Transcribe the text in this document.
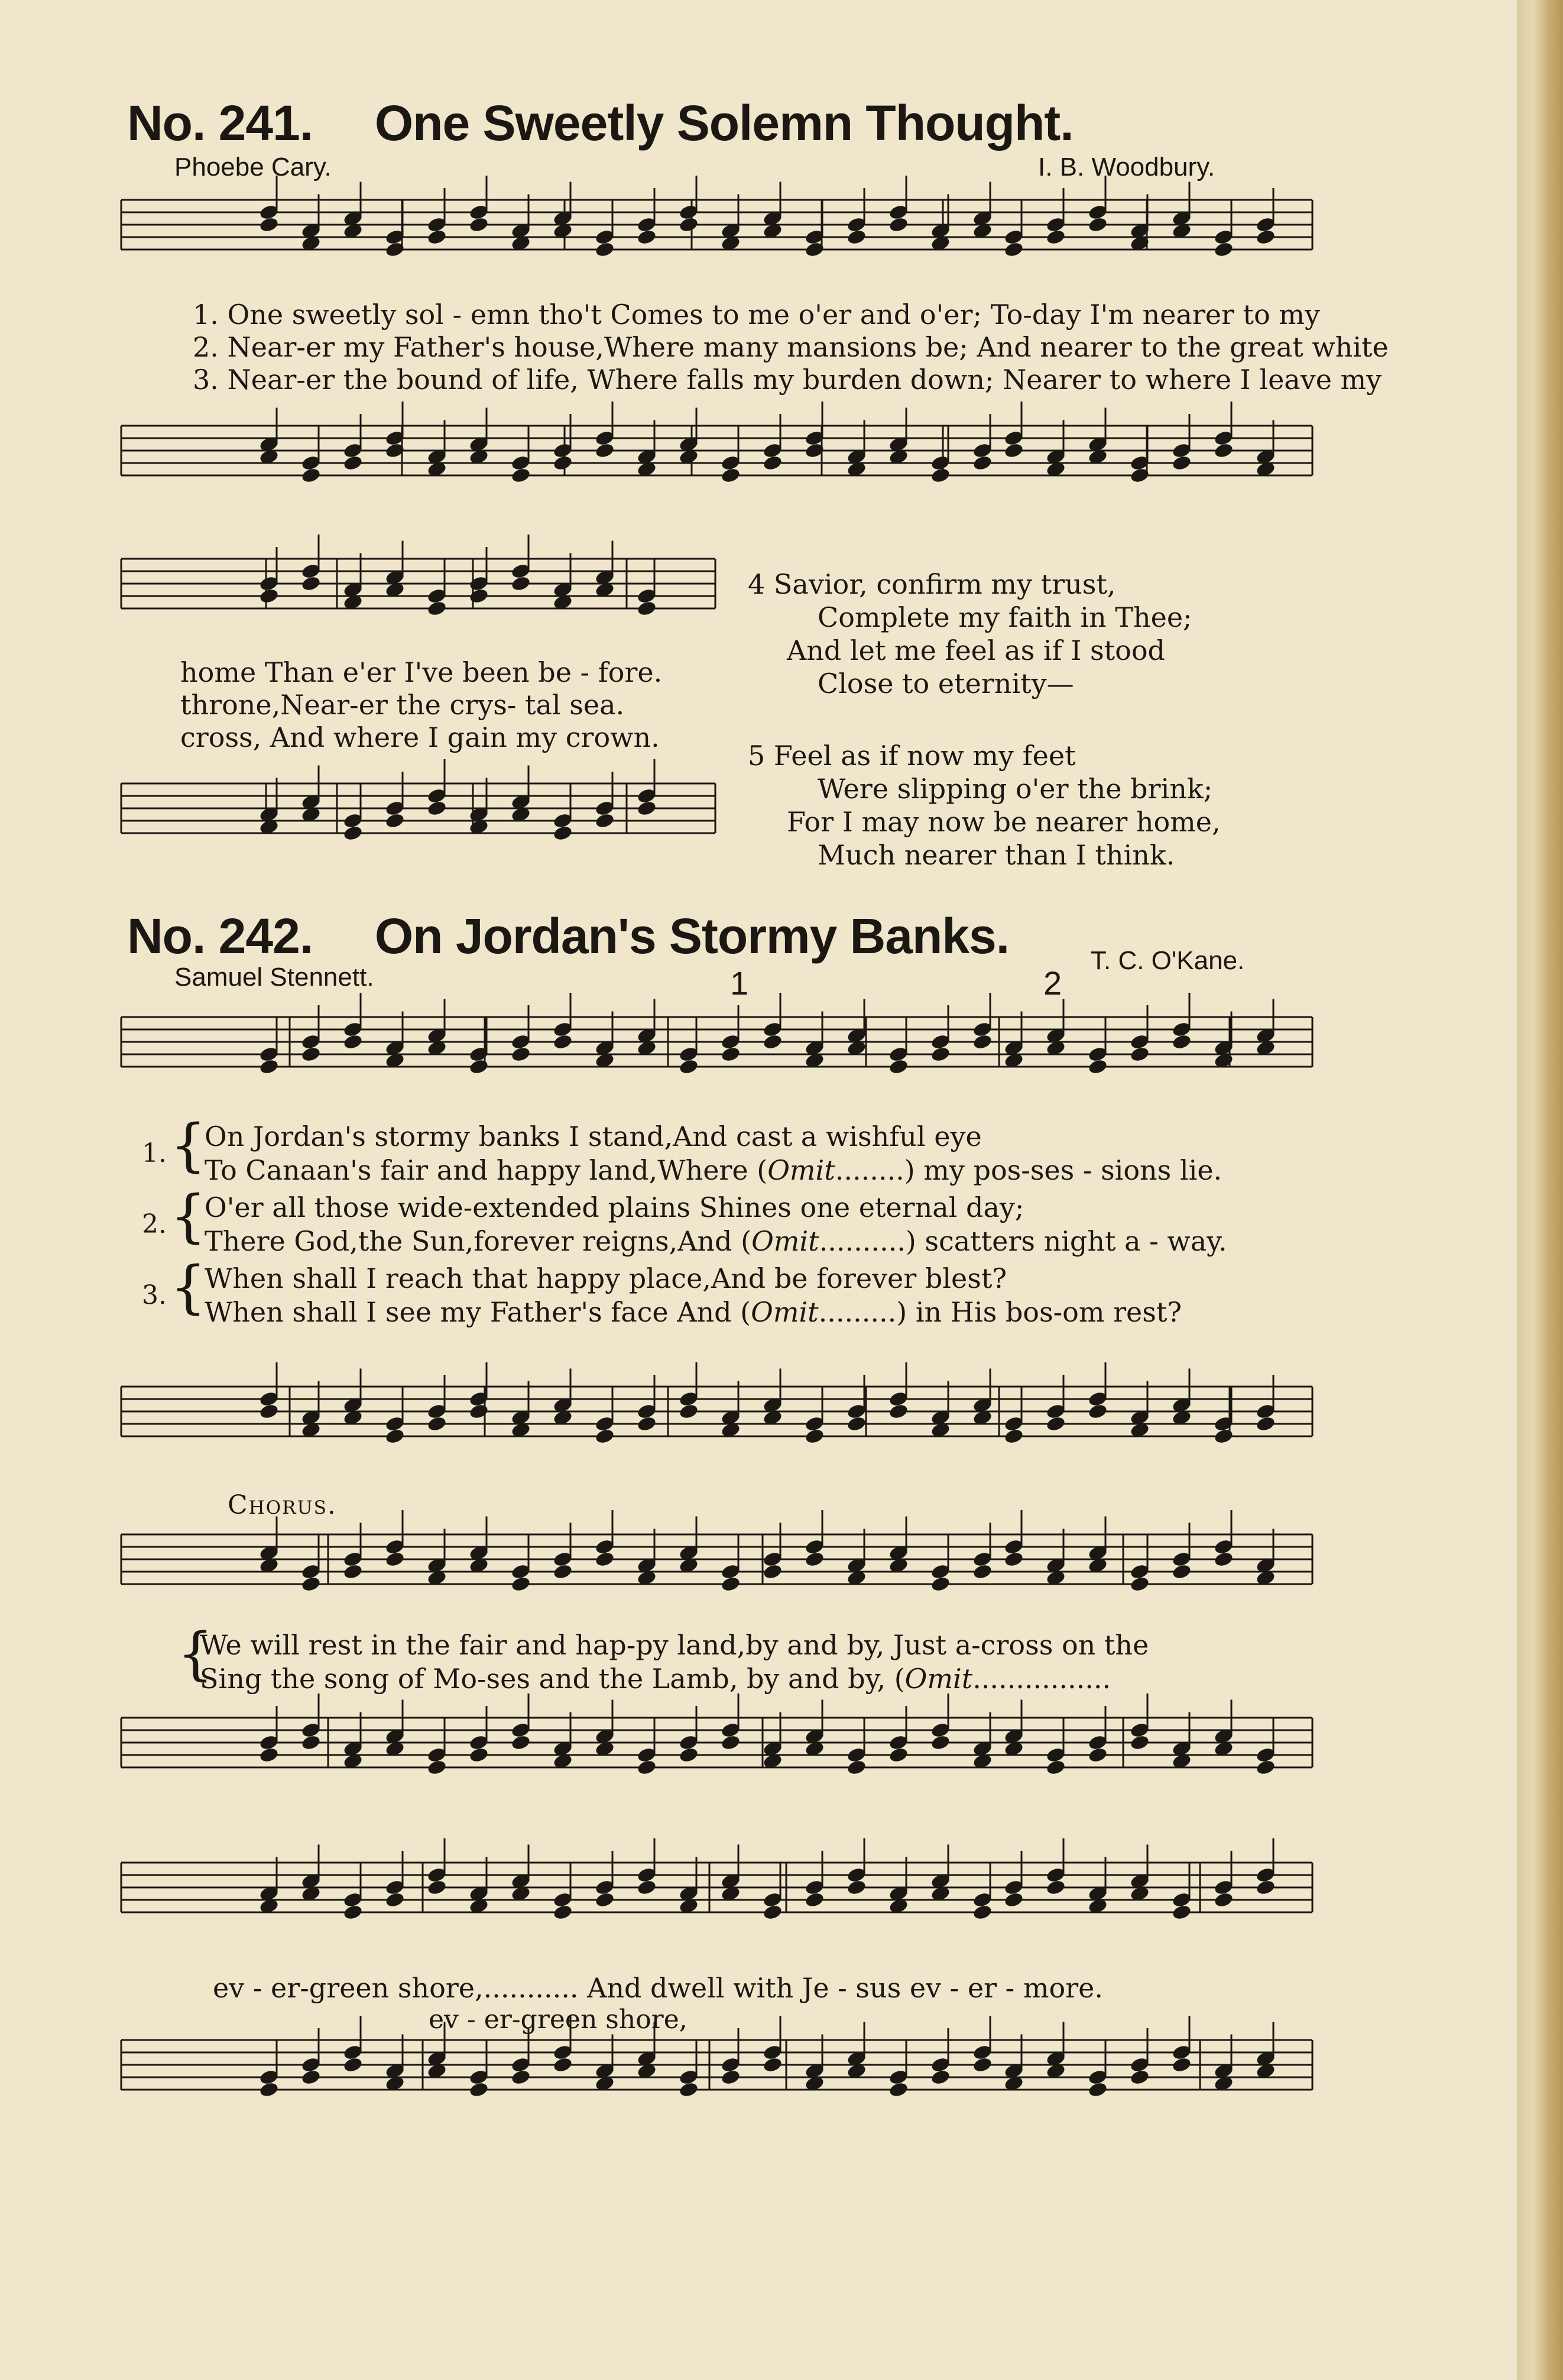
No. 241. One Sweetly Solemn Thought.
Phoebe Cary.	I. B. Woodbury.
1. One sweetly sol - emn tho't Comes to me o'er and o'er; To-day I'm nearer to my
2. Near-er my Father's house,Where many mansions be; And nearer to the great white
3. Near-er the bound of life, Where falls my burden down; Nearer to where I leave my
home Than e'er I've been be - fore.
throne,Near-er the crys- tal sea.
cross, And where I gain my crown.
4 Savior, confirm my trust,
Complete my faith in Thee;
And let me feel as if I stood
Close to eternity—
5 Feel as if now my feet
Were slipping o'er the brink;
For I may now be nearer home,
Much nearer than I think.
No. 242. On Jordan's Stormy Banks.
Samuel Stennett.
T. C. O'Kane.
1	2
1. {
On Jordan's stormy banks I stand,And cast a wishful eye
To Canaan's fair and happy land,Where (Omit........) my pos-ses - sions lie.
2. {
O'er all those wide-extended plains Shines one eternal day;
There God,the Sun,forever reigns,And (Omit..........) scatters night a - way.
3. {
When shall I reach that happy place,And be forever blest?
When shall I see my Father's face And (Omit.........) in His bos-om rest?
Chorus.
{
We will rest in the fair and hap-py land,by and by, Just a-cross on the
Sing the song of Mo-ses and the Lamb, by and by, (Omit................
ev - er-green shore,........... And dwell with Je - sus ev - er - more.
ev - er-green shore,
